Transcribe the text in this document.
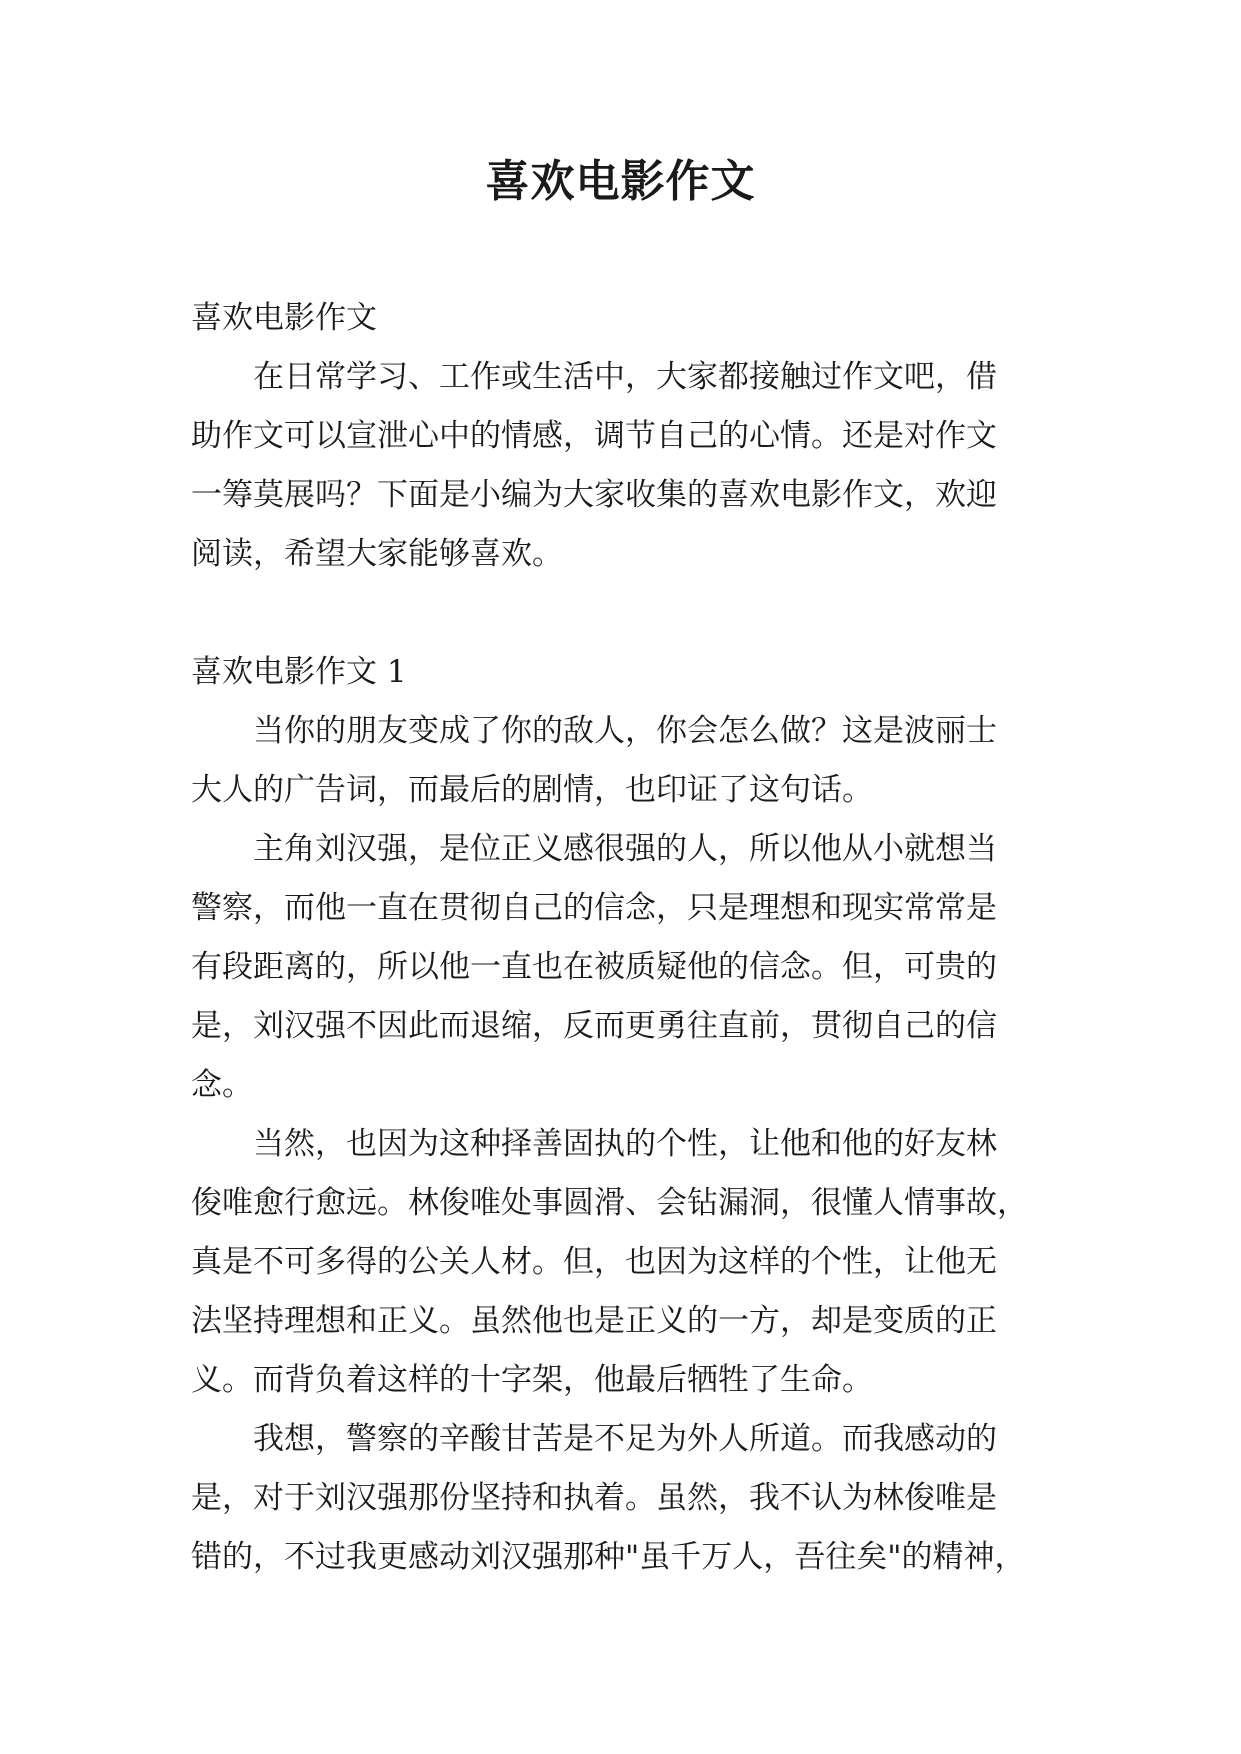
喜欢电影作文

喜欢电影作文

　　在日常学习、工作或生活中，大家都接触过作文吧，借

助作文可以宣泄心中的情感，调节自己的心情。还是对作文

一筹莫展吗？下面是小编为大家收集的喜欢电影作文，欢迎

阅读，希望大家能够喜欢。

喜欢电影作文 1

　　当你的朋友变成了你的敌人，你会怎么做？这是波丽士

大人的广告词，而最后的剧情，也印证了这句话。

　　主角刘汉强，是位正义感很强的人，所以他从小就想当

警察，而他一直在贯彻自己的信念，只是理想和现实常常是

有段距离的，所以他一直也在被质疑他的信念。但，可贵的

是，刘汉强不因此而退缩，反而更勇往直前，贯彻自己的信

念。

　　当然，也因为这种择善固执的个性，让他和他的好友林

俊唯愈行愈远。林俊唯处事圆滑、会钻漏洞，很懂人情事故，

真是不可多得的公关人材。但，也因为这样的个性，让他无

法坚持理想和正义。虽然他也是正义的一方，却是变质的正

义。而背负着这样的十字架，他最后牺牲了生命。

　　我想，警察的辛酸甘苦是不足为外人所道。而我感动的

是，对于刘汉强那份坚持和执着。虽然，我不认为林俊唯是

错的，不过我更感动刘汉强那种"虽千万人，吾往矣"的精神，
